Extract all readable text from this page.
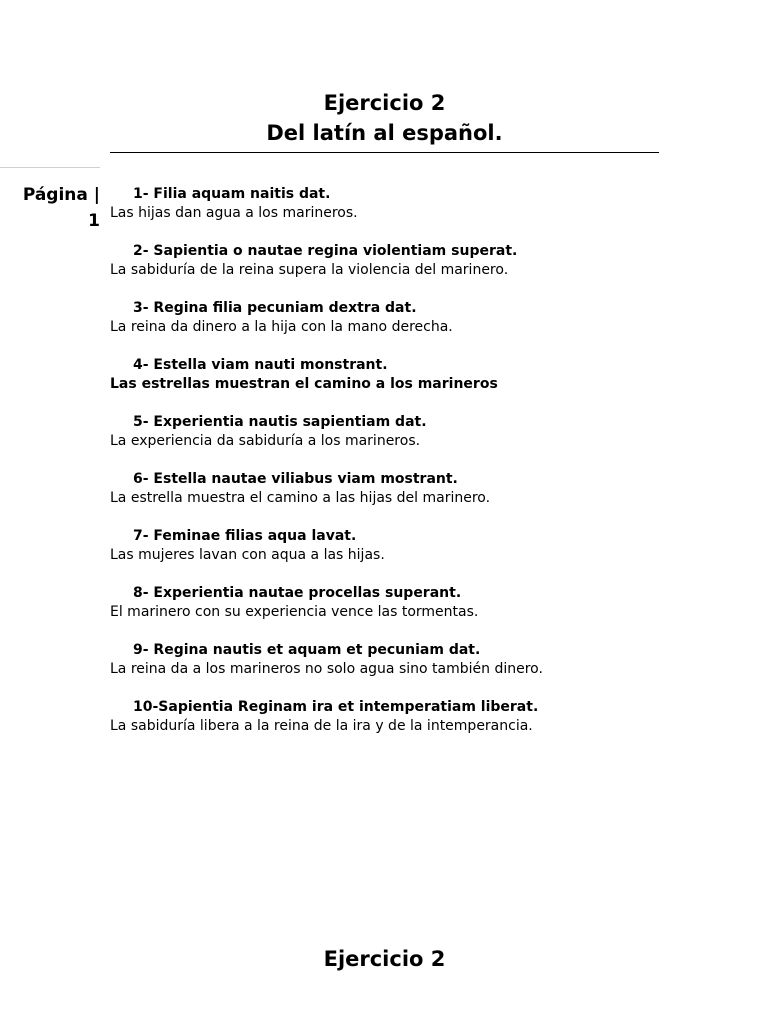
Ejercicio 2
Del latín al español.
Página |
1
1- Filia aquam naitis dat.
Las hijas dan agua a los marineros.
2- Sapientia o nautae regina violentiam superat.
La sabiduría de la reina supera la violencia del marinero.
3- Regina filia pecuniam dextra dat.
La reina da dinero a la hija con la mano derecha.
4- Estella viam nauti monstrant.
Las estrellas muestran el camino a los marineros
5- Experientia nautis sapientiam dat.
La experiencia da sabiduría a los marineros.
6- Estella nautae viliabus viam mostrant.
La estrella muestra el camino a las hijas del marinero.
7- Feminae filias aqua lavat.
Las mujeres lavan con aqua a las hijas.
8- Experientia nautae procellas superant.
El marinero con su experiencia vence las tormentas.
9- Regina nautis et aquam et pecuniam dat.
La reina da a los marineros no solo agua sino también dinero.
10-Sapientia Reginam ira et intemperatiam liberat.
La sabiduría libera a la reina de la ira y de la intemperancia.
Ejercicio 2
